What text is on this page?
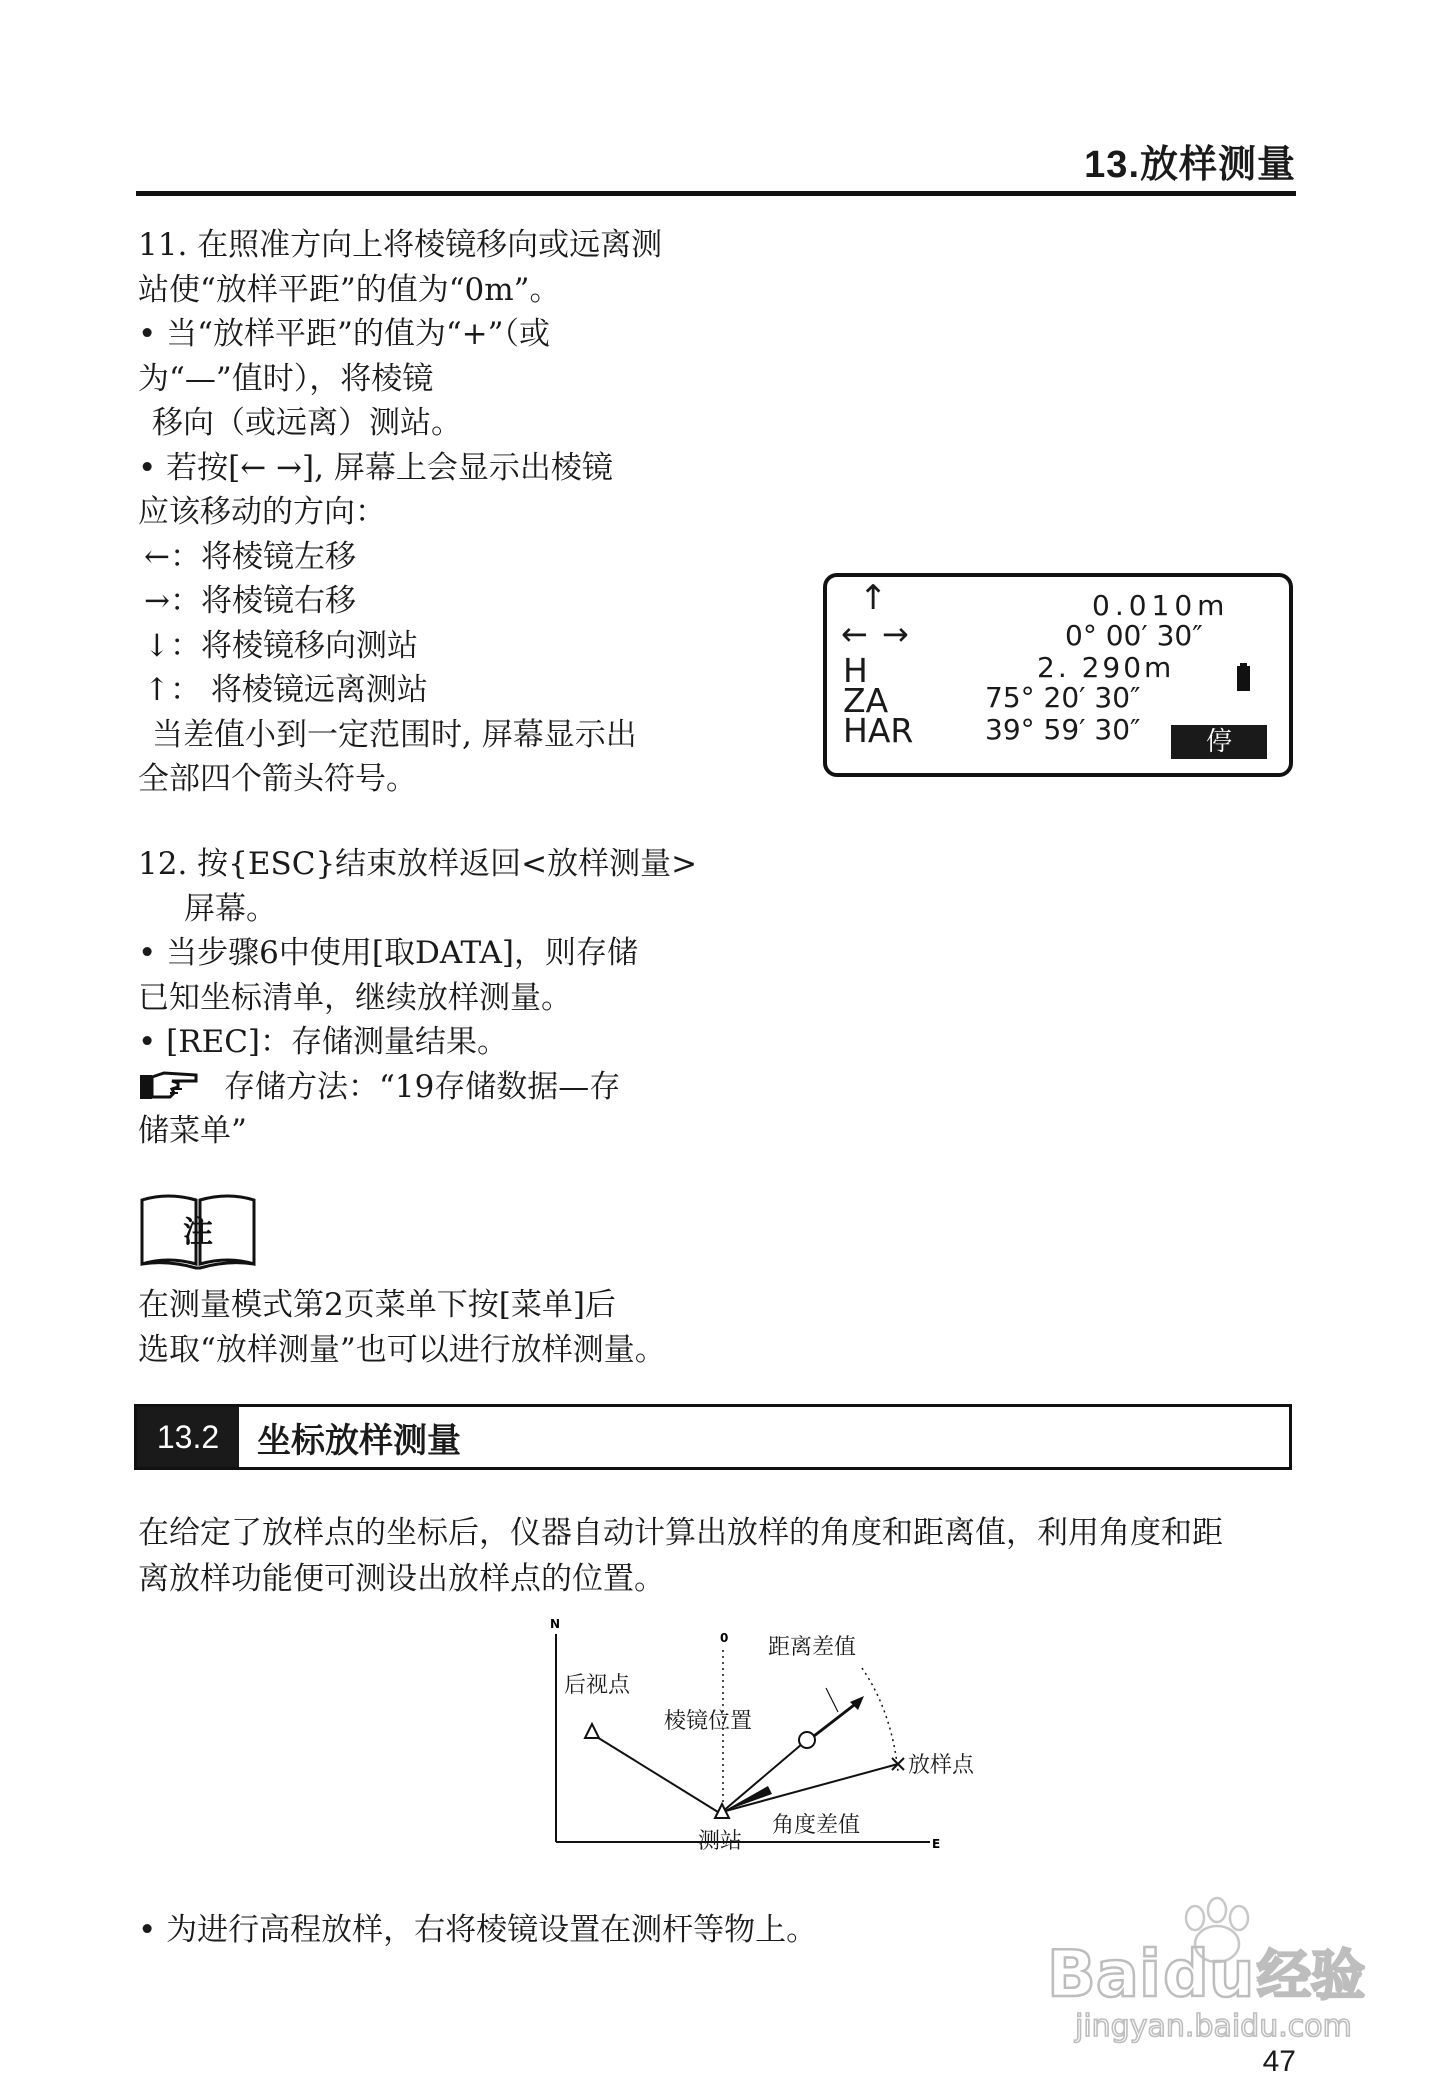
13.放样测量

11. 在照准方向上将棱镜移向或远离测

站使“放样平距”的值为“0m”。

• 当“放样平距”的值为“+”（或

为“—”值时），将棱镜

移向（或远离）测站。

• 若按[← →], 屏幕上会显示出棱镜

应该移动的方向：

←：将棱镜左移

→：将棱镜右移

↓：将棱镜移向测站

↑： 将棱镜远离测站

当差值小到一定范围时, 屏幕显示出

全部四个箭头符号。

↑	0.010m
←→	0° 00′ 30″
H	2. 290m
ZA	75° 20′ 30″
HAR	39° 59′ 30″	停

12. 按{ESC}结束放样返回<放样测量>

屏幕。

• 当步骤6中使用[取DATA]，则存储

已知坐标清单，继续放样测量。

• [REC]：存储测量结果。

存储方法：“19存储数据—存

储菜单”

注

在测量模式第2页菜单下按[菜单]后

选取“放样测量”也可以进行放样测量。

13.2	坐标放样测量

在给定了放样点的坐标后，仪器自动计算出放样的角度和距离值，利用角度和距

离放样功能便可测设出放样点的位置。

N
E
0
后视点
棱镜位置
距离差值
放样点
测站
角度差值
• 为进行高程放样，右将棱镜设置在测杆等物上。
Bai du 经验
jingyan.baidu.com
47
